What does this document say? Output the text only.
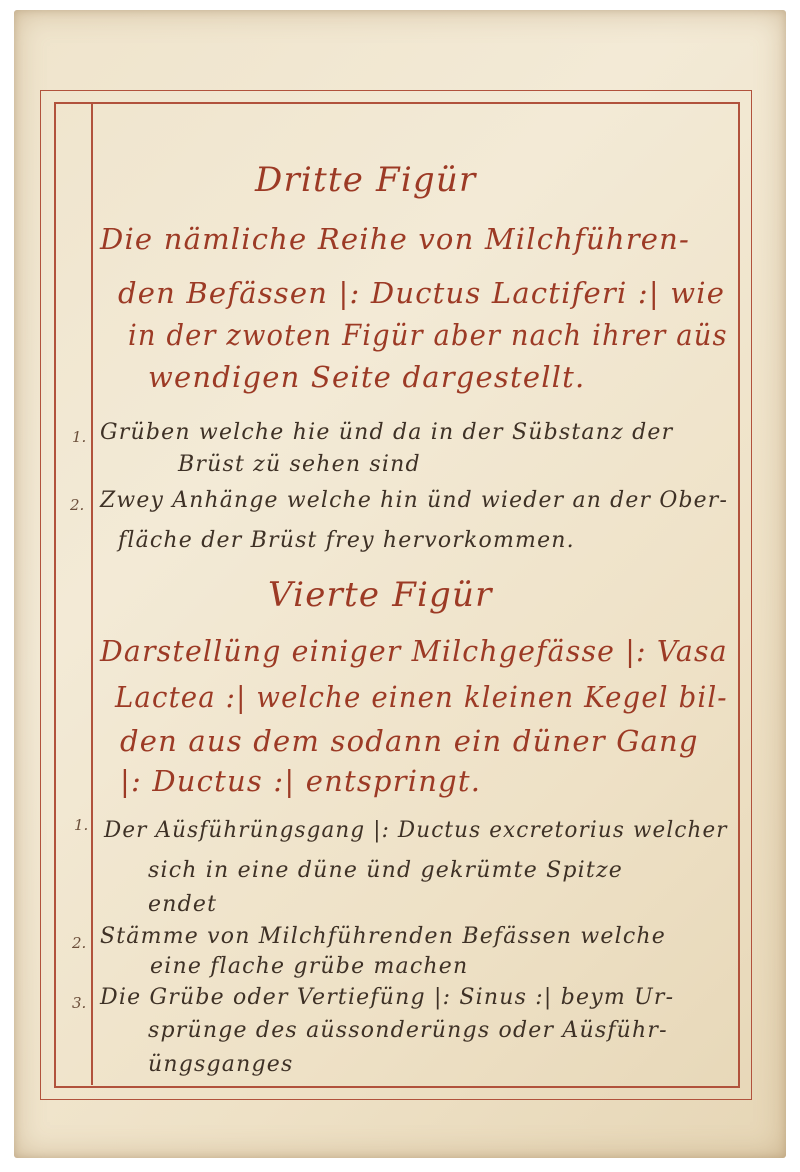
Dritte Figür
Die nämliche Reihe von Milchführen-
den Befässen |: Ductus Lactiferi :| wie
in der zwoten Figür aber nach ihrer aüs
wendigen Seite dargestellt.
1. Grüben welche hie ünd da in der Sübstanz der
Brüst zü sehen sind
2. Zwey Anhänge welche hin ünd wieder an der Ober-
fläche der Brüst frey hervorkommen.
Vierte Figür
Darstellüng einiger Milchgefässe |: Vasa
Lactea :| welche einen kleinen Kegel bil-
den aus dem sodann ein düner Gang
|: Ductus :| entspringt.
1. Der Aüsführüngsgang |: Ductus excretorius welcher
sich in eine düne ünd gekrümte Spitze
endet
2. Stämme von Milchführenden Befässen welche
eine flache grübe machen
3. Die Grübe oder Vertiefüng |: Sinus :| beym Ur-
sprünge des aüssonderüngs oder Aüsführ-
üngsganges
